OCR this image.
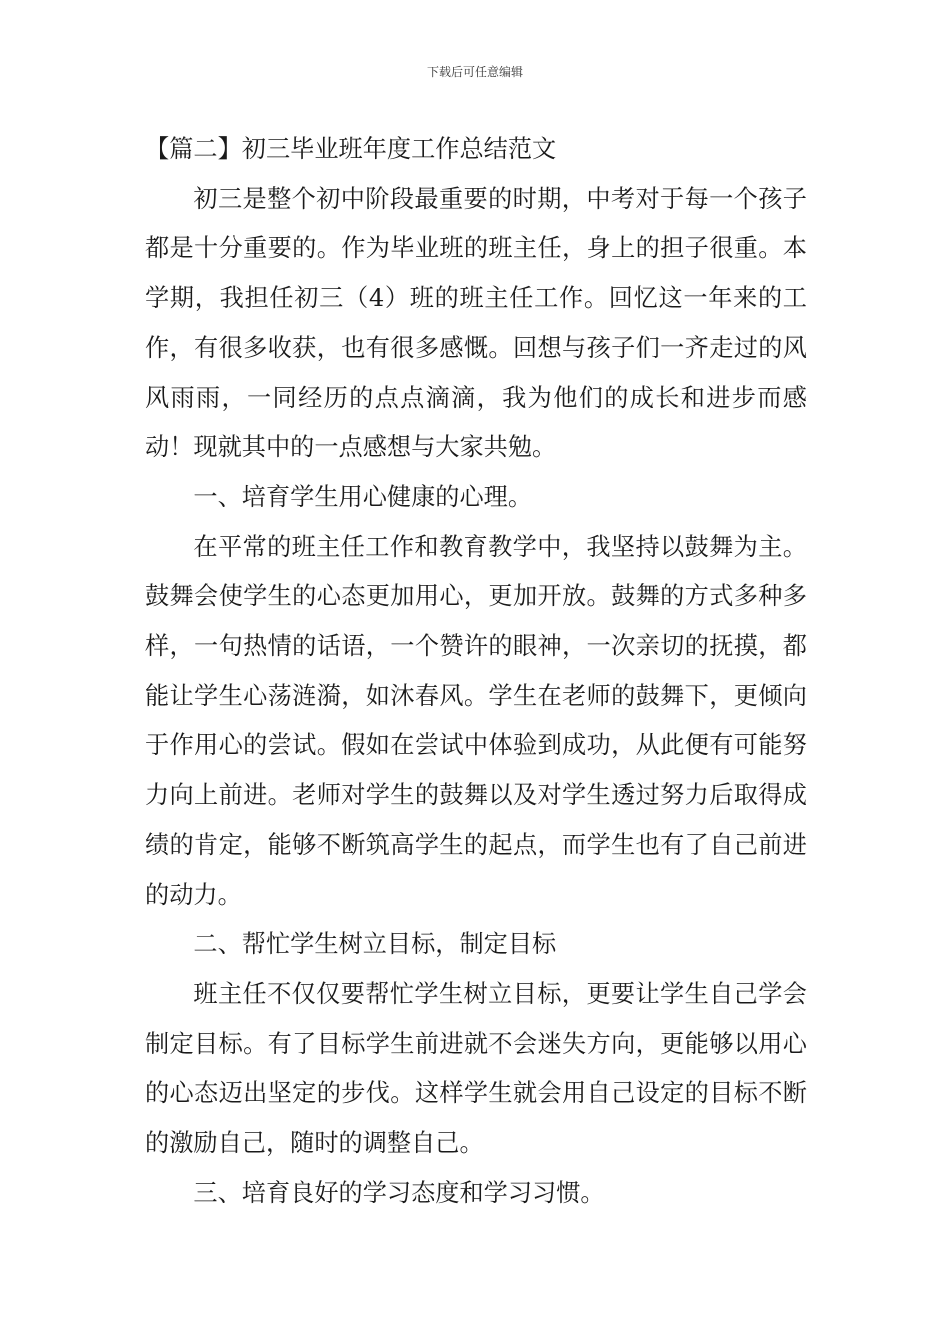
下载后可任意编辑

【篇二】初三毕业班年度工作总结范文

初三是整个初中阶段最重要的时期，中考对于每一个孩子都是十分重要的。作为毕业班的班主任，身上的担子很重。本学期，我担任初三（4）班的班主任工作。回忆这一年来的工作，有很多收获，也有很多感慨。回想与孩子们一齐走过的风风雨雨，一同经历的点点滴滴，我为他们的成长和进步而感动！现就其中的一点感想与大家共勉。

一、培育学生用心健康的心理。

在平常的班主任工作和教育教学中，我坚持以鼓舞为主。鼓舞会使学生的心态更加用心，更加开放。鼓舞的方式多种多样，一句热情的话语，一个赞许的眼神，一次亲切的抚摸，都能让学生心荡涟漪，如沐春风。学生在老师的鼓舞下，更倾向于作用心的尝试。假如在尝试中体验到成功，从此便有可能努力向上前进。老师对学生的鼓舞以及对学生透过努力后取得成绩的肯定，能够不断筑高学生的起点，而学生也有了自己前进的动力。

二、帮忙学生树立目标，制定目标

班主任不仅仅要帮忙学生树立目标，更要让学生自己学会制定目标。有了目标学生前进就不会迷失方向，更能够以用心的心态迈出坚定的步伐。这样学生就会用自己设定的目标不断的激励自己，随时的调整自己。

三、培育良好的学习态度和学习习惯。
